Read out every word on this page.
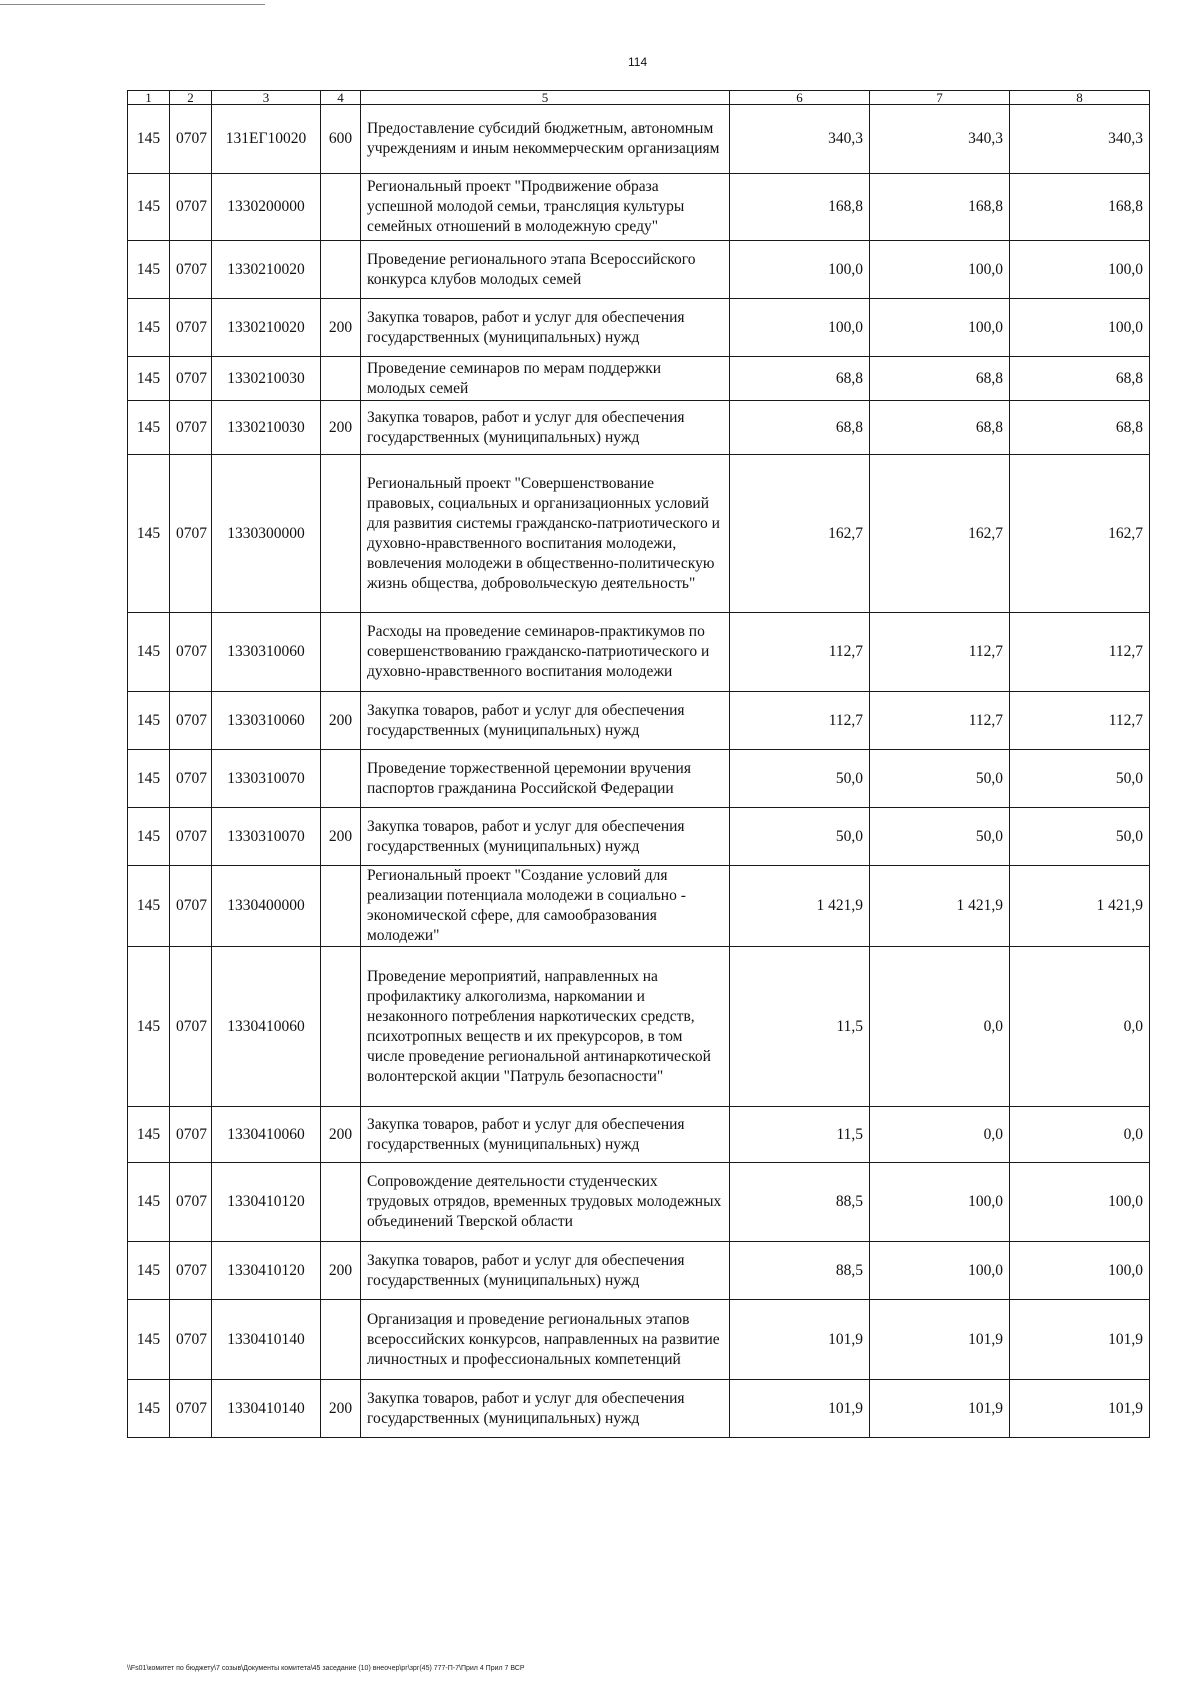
114
1	2	3	4	5	6	7	8
145	0707	131ЕГ10020	600	Предоставление субсидий бюджетным, автономным учреждениям и иным некоммерческим организациям	340,3	340,3	340,3
145	0707	1330200000		Региональный проект "Продвижение образа успешной молодой семьи, трансляция культуры семейных отношений в молодежную среду"	168,8	168,8	168,8
145	0707	1330210020		Проведение регионального этапа Всероссийского конкурса клубов молодых семей	100,0	100,0	100,0
145	0707	1330210020	200	Закупка товаров, работ и услуг для обеспечения государственных (муниципальных) нужд	100,0	100,0	100,0
145	0707	1330210030		Проведение семинаров по мерам поддержки молодых семей	68,8	68,8	68,8
145	0707	1330210030	200	Закупка товаров, работ и услуг для обеспечения государственных (муниципальных) нужд	68,8	68,8	68,8
145	0707	1330300000		Региональный проект "Совершенствование правовых, социальных и организационных условий для развития системы гражданско-патриотического и духовно-нравственного воспитания молодежи, вовлечения молодежи в общественно-политическую жизнь общества, добровольческую деятельность"	162,7	162,7	162,7
145	0707	1330310060		Расходы на проведение семинаров-практикумов по совершенствованию гражданско-патриотического и духовно-нравственного воспитания молодежи	112,7	112,7	112,7
145	0707	1330310060	200	Закупка товаров, работ и услуг для обеспечения государственных (муниципальных) нужд	112,7	112,7	112,7
145	0707	1330310070		Проведение торжественной церемонии вручения паспортов гражданина Российской Федерации	50,0	50,0	50,0
145	0707	1330310070	200	Закупка товаров, работ и услуг для обеспечения государственных (муниципальных) нужд	50,0	50,0	50,0
145	0707	1330400000		Региональный проект "Создание условий для реализации потенциала молодежи в социально - экономической сфере, для самообразования молодежи"	1 421,9	1 421,9	1 421,9
145	0707	1330410060		Проведение мероприятий, направленных на профилактику алкоголизма, наркомании и незаконного потребления наркотических средств, психотропных веществ и их прекурсоров, в том числе проведение региональной антинаркотической волонтерской акции "Патруль безопасности"	11,5	0,0	0,0
145	0707	1330410060	200	Закупка товаров, работ и услуг для обеспечения государственных (муниципальных) нужд	11,5	0,0	0,0
145	0707	1330410120		Сопровождение деятельности студенческих трудовых отрядов, временных трудовых молодежных объединений Тверской области	88,5	100,0	100,0
145	0707	1330410120	200	Закупка товаров, работ и услуг для обеспечения государственных (муниципальных) нужд	88,5	100,0	100,0
145	0707	1330410140		Организация и проведение региональных этапов всероссийских конкурсов, направленных на развитие личностных и профессиональных компетенций	101,9	101,9	101,9
145	0707	1330410140	200	Закупка товаров, работ и услуг для обеспечения государственных (муниципальных) нужд	101,9	101,9	101,9
\\Fs01\комитет по бюджету\7 созыв\Документы комитета\45 заседание (10) внеочер\рг\зрг(45) 777-П-7\Прил 4 Прил 7 ВСР
